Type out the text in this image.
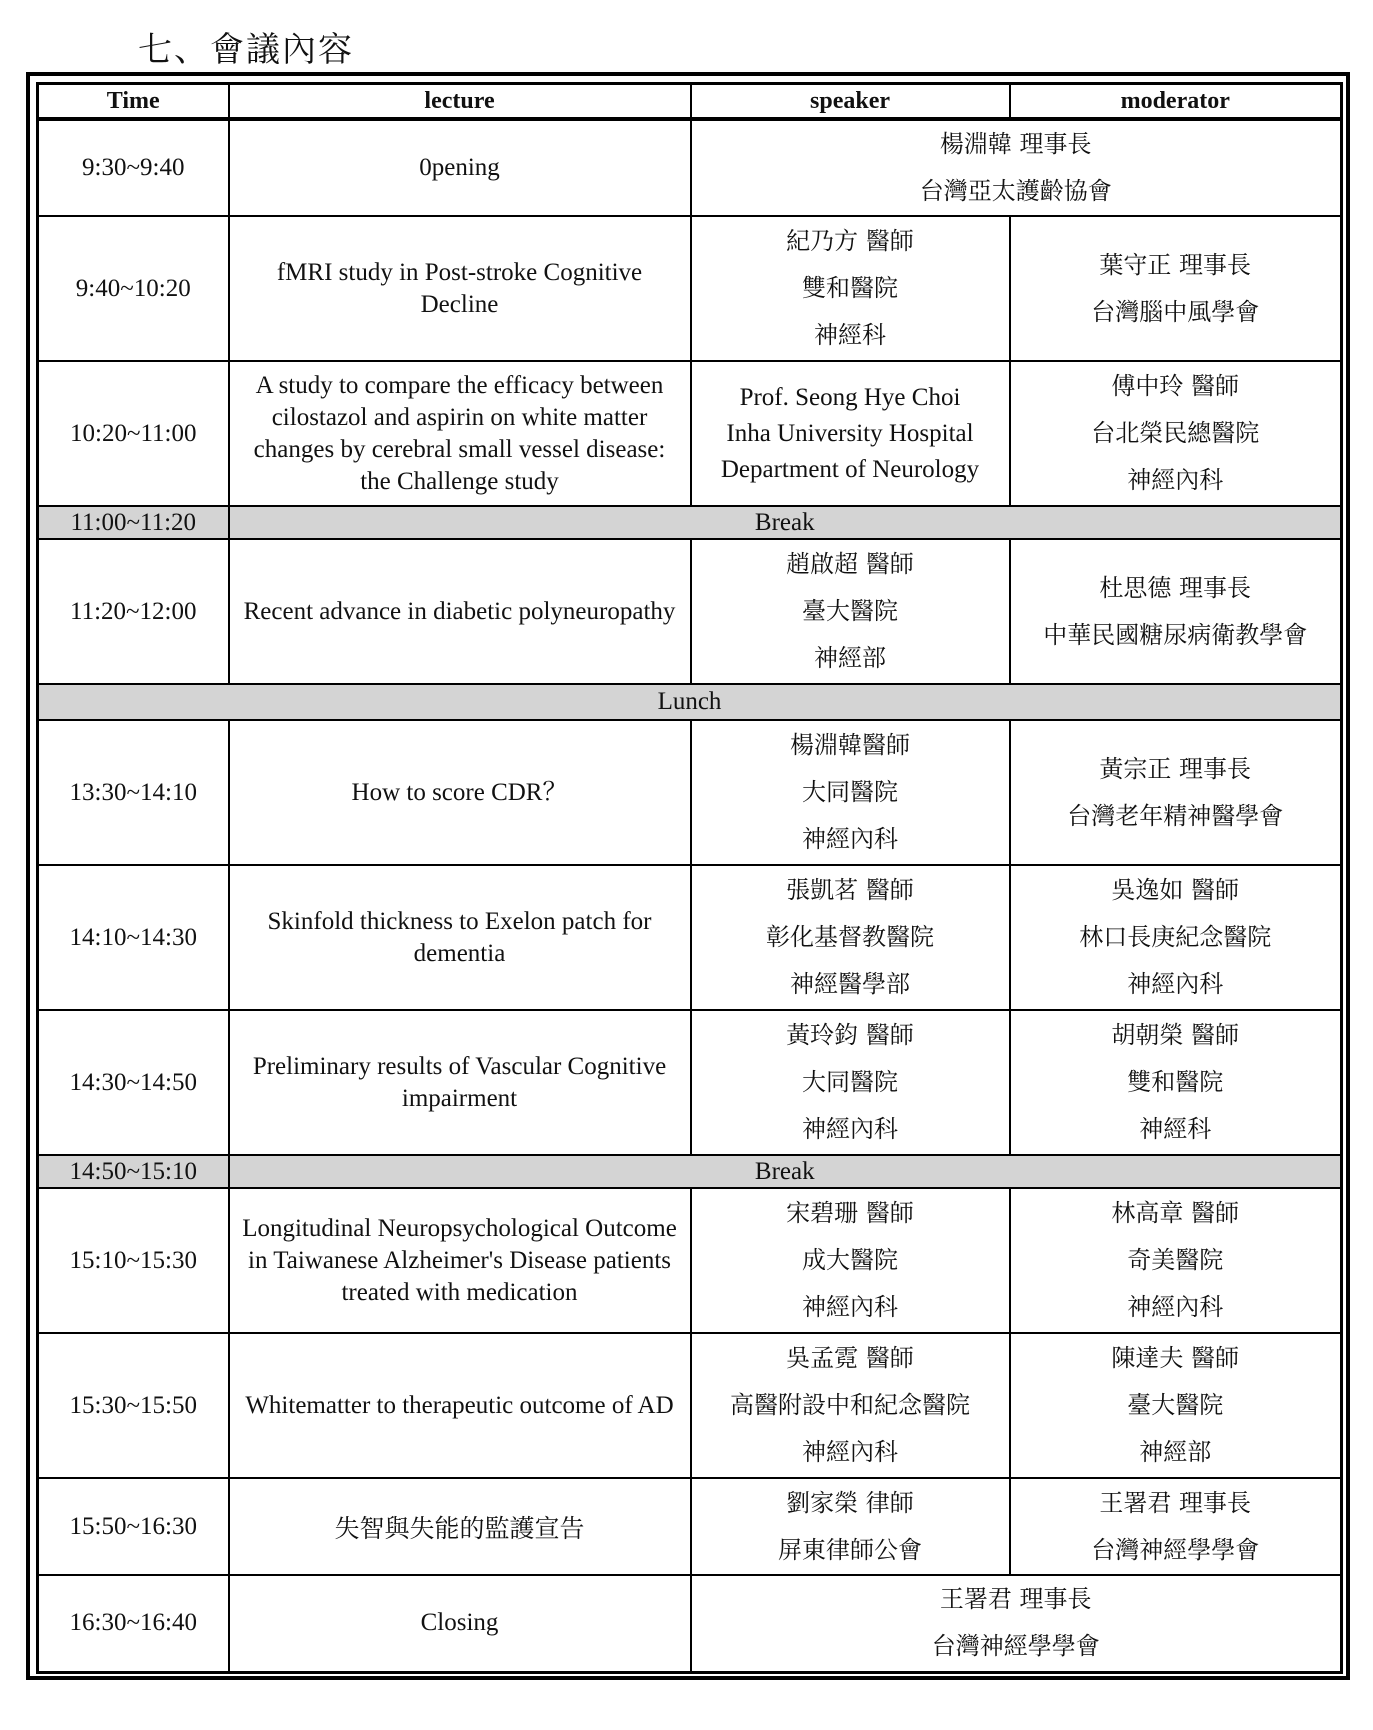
七、會議內容
Time	lecture	speaker	moderator
9:30~9:40	0pening	楊淵韓 理事長
台灣亞太護齡協會	

9:40~10:20	fMRI study in Post-stroke Cognitive Decline	紀乃方 醫師
雙和醫院
神經科	葉守正 理事長
台灣腦中風學會

10:20~11:00	A study to compare the efficacy between cilostazol and aspirin on white matter changes by cerebral small vessel disease: the Challenge study	Prof. Seong Hye Choi
Inha University Hospital
Department of Neurology	傅中玲 醫師
台北榮民總醫院
神經內科

11:00~11:20	Break		
11:20~12:00	Recent advance in diabetic polyneuropathy	趙啟超 醫師
臺大醫院
神經部	杜思德 理事長
中華民國糖尿病衛教學會

Lunch			
13:30~14:10	How to score CDR？	楊淵韓醫師
大同醫院
神經內科	黃宗正 理事長
台灣老年精神醫學會

14:10~14:30	Skinfold thickness to Exelon patch for dementia	張凱茗 醫師
彰化基督教醫院
神經醫學部	吳逸如 醫師
林口長庚紀念醫院
神經內科

14:30~14:50	Preliminary results of Vascular Cognitive impairment	黃玲鈞 醫師
大同醫院
神經內科	胡朝榮 醫師
雙和醫院
神經科

14:50~15:10	Break		
15:10~15:30	Longitudinal Neuropsychological Outcome in Taiwanese Alzheimer's Disease patients treated with medication	宋碧珊 醫師
成大醫院
神經內科	林高章 醫師
奇美醫院
神經內科

15:30~15:50	Whitematter to therapeutic outcome of AD	吳孟霓 醫師
高醫附設中和紀念醫院
神經內科	陳達夫 醫師
臺大醫院
神經部

15:50~16:30	失智與失能的監護宣告	劉家榮 律師
屏東律師公會	王署君 理事長
台灣神經學學會

16:30~16:40	Closing	王署君 理事長
台灣神經學學會	
